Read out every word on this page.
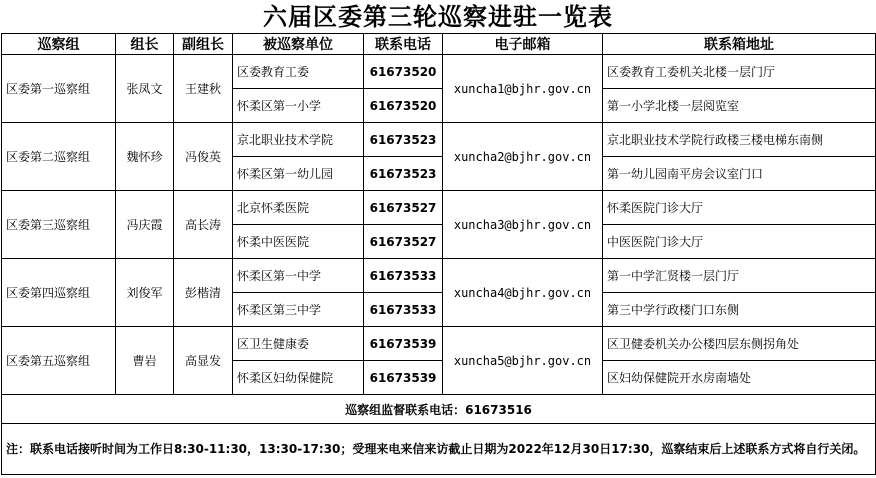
六届区委第三轮巡察进驻一览表
巡察组	组长	副组长	被巡察单位	联系电话	电子邮箱	联系箱地址
区委第一巡察组	张凤文	王建秋	区委教育工委	61673520	xuncha1@bjhr.gov.cn	区委教育工委机关北楼一层门厅
			怀柔区第一小学	61673520		第一小学北楼一层阅览室
区委第二巡察组	魏怀珍	冯俊英	京北职业技术学院	61673523	xuncha2@bjhr.gov.cn	京北职业技术学院行政楼三楼电梯东南侧
			怀柔区第一幼儿园	61673523		第一幼儿园南平房会议室门口
区委第三巡察组	冯庆霞	高长涛	北京怀柔医院	61673527	xuncha3@bjhr.gov.cn	怀柔医院门诊大厅
			怀柔中医医院	61673527		中医医院门诊大厅
区委第四巡察组	刘俊军	彭楷清	怀柔区第一中学	61673533	xuncha4@bjhr.gov.cn	第一中学汇贤楼一层门厅
			怀柔区第三中学	61673533		第三中学行政楼门口东侧
区委第五巡察组	曹岩	高显发	区卫生健康委	61673539	xuncha5@bjhr.gov.cn	区卫健委机关办公楼四层东侧拐角处
			怀柔区妇幼保健院	61673539		区妇幼保健院开水房南墙处
巡察组监督联系电话：61673516						
注：联系电话接听时间为工作日8:30-11:30，13:30-17:30；受理来电来信来访截止日期为2022年12月30日17:30，巡察结束后上述联系方式将自行关闭。						
